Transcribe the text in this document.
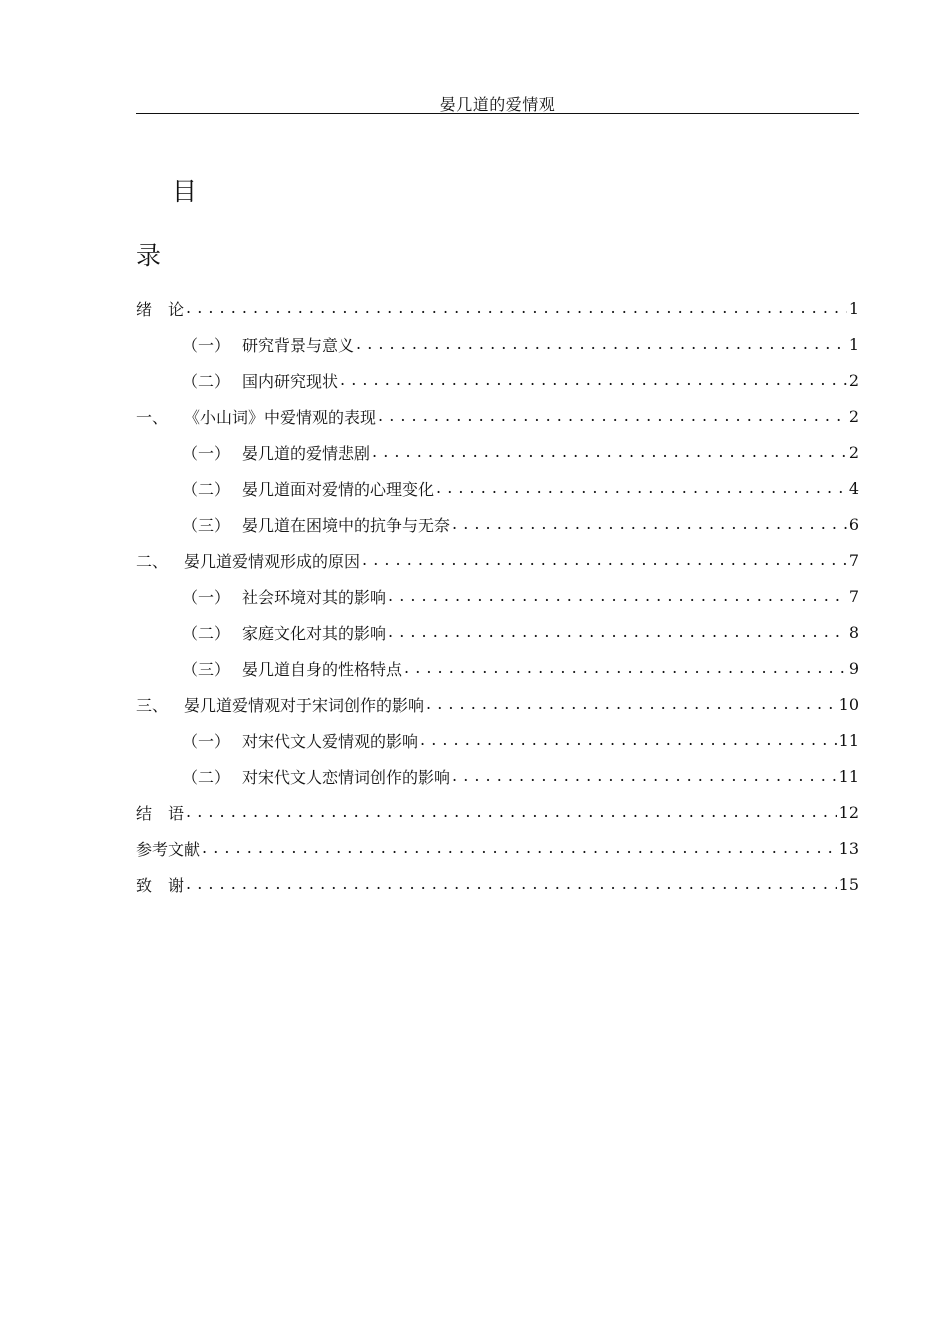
晏几道的爱情观
目
录
绪　论 . . .	1
（一） 研究背景与意义 . . .	1
（二） 国内研究现状 . . .	2
一、 《小山词》中爱情观的表现 . . .	2
（一） 晏几道的爱情悲剧 . . .	2
（二） 晏几道面对爱情的心理变化 . . .	4
（三） 晏几道在困境中的抗争与无奈 . . .	6
二、 晏几道爱情观形成的原因 . . .	7
（一） 社会环境对其的影响 . . .	7
（二） 家庭文化对其的影响 . . .	8
（三） 晏几道自身的性格特点 . . .	9
三、 晏几道爱情观对于宋词创作的影响 . . .	10
（一） 对宋代文人爱情观的影响 . . .	11
（二） 对宋代文人恋情词创作的影响 . . .	11
结　语 . . .	12
参考文献 . . .	13
致　谢 . . .	15
